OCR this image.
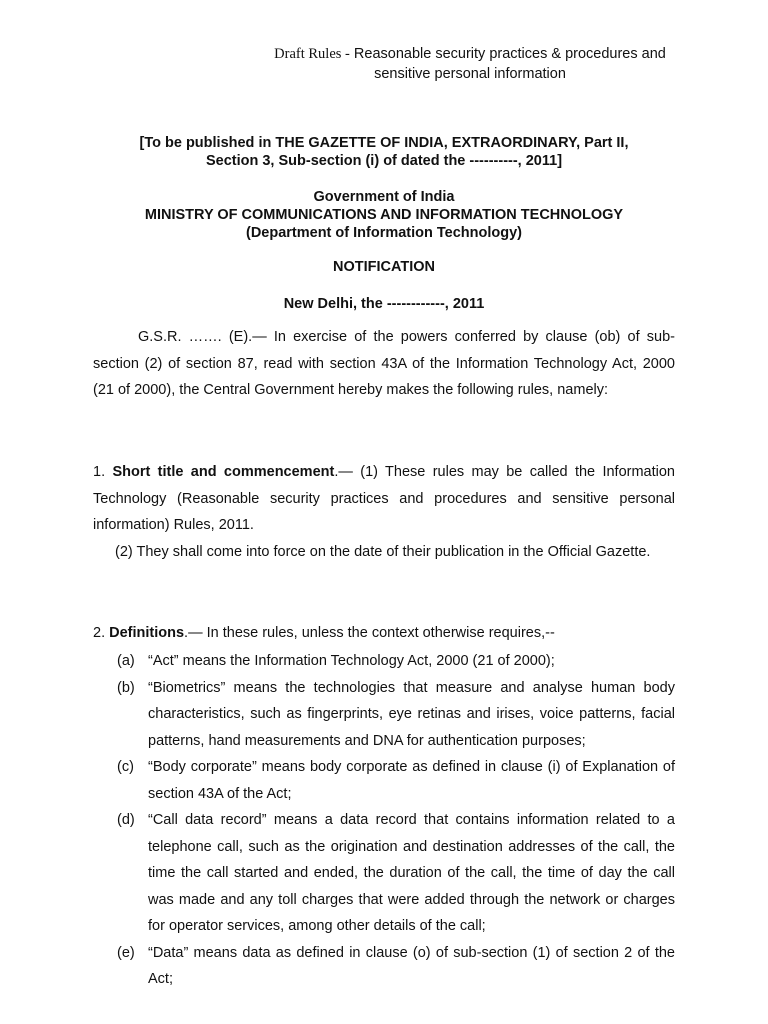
Draft Rules - Reasonable security practices & procedures and
sensitive personal information
[To be published in THE GAZETTE OF INDIA, EXTRAORDINARY, Part II,
Section 3, Sub-section (i) of dated the ----------, 2011]
Government of India
MINISTRY OF COMMUNICATIONS AND INFORMATION TECHNOLOGY
(Department of Information Technology)
NOTIFICATION
New Delhi, the ------------, 2011
G.S.R. ……. (E).— In exercise of the powers conferred by clause (ob) of sub-section (2) of section 87, read with section 43A of the Information Technology Act, 2000 (21 of 2000), the Central Government hereby makes the following rules, namely:
1. Short title and commencement.— (1) These rules may be called the Information Technology (Reasonable security practices and procedures and sensitive personal information) Rules, 2011.
(2) They shall come into force on the date of their publication in the Official Gazette.
2. Definitions.— In these rules, unless the context otherwise requires,--
(a) “Act” means the Information Technology Act, 2000 (21 of 2000);
(b) “Biometrics” means the technologies that measure and analyse human body characteristics, such as fingerprints, eye retinas and irises, voice patterns, facial patterns, hand measurements and DNA for authentication purposes;
(c) “Body corporate” means body corporate as defined in clause (i) of Explanation of section 43A of the Act;
(d) “Call data record” means a data record that contains information related to a telephone call, such as the origination and destination addresses of the call, the time the call started and ended, the duration of the call, the time of day the call was made and any toll charges that were added through the network or charges for operator services, among other details of the call;
(e) “Data” means data as defined in clause (o) of sub-section (1) of section 2 of the Act;
